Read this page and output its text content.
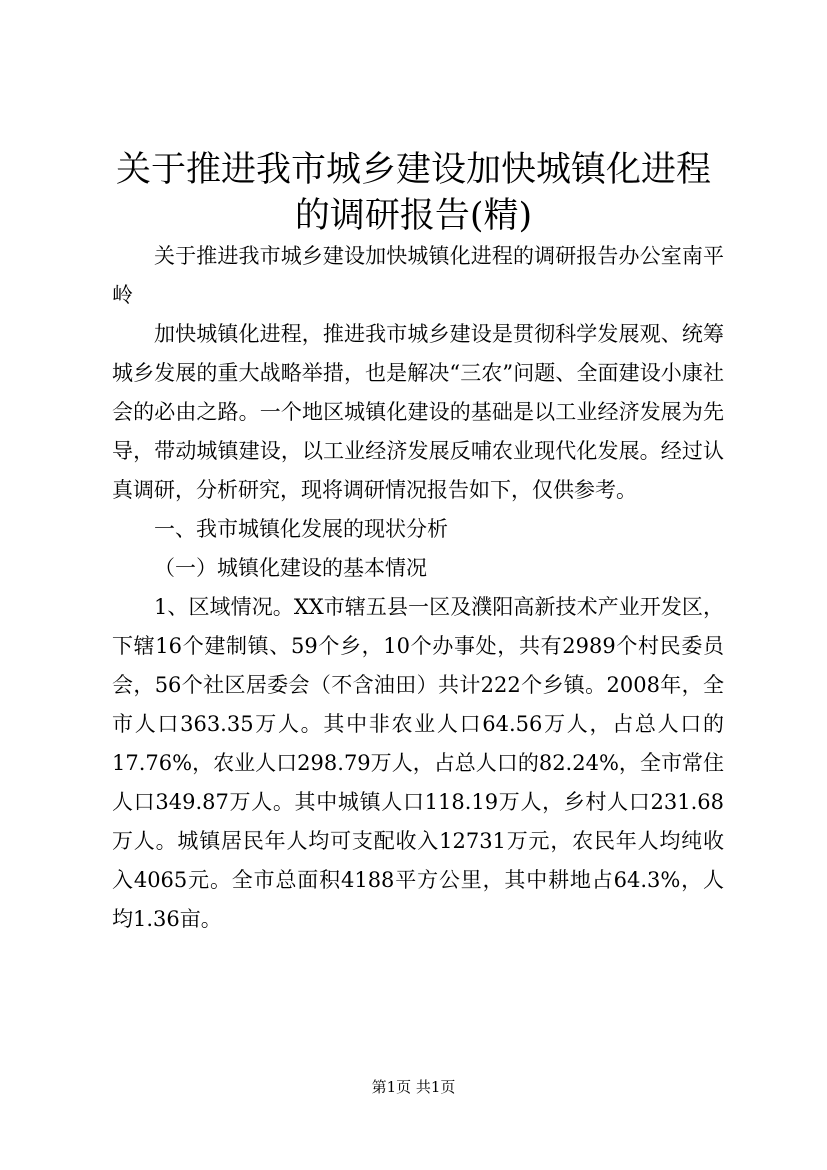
关于推进我市城乡建设加快城镇化进程的调研报告(精)

关于推进我市城乡建设加快城镇化进程的调研报告办公室南平岭

加快城镇化进程，推进我市城乡建设是贯彻科学发展观、统筹城乡发展的重大战略举措，也是解决“三农”问题、全面建设小康社会的必由之路。一个地区城镇化建设的基础是以工业经济发展为先导，带动城镇建设，以工业经济发展反哺农业现代化发展。经过认真调研，分析研究，现将调研情况报告如下，仅供参考。

一、我市城镇化发展的现状分析

（一）城镇化建设的基本情况

1、区域情况。XX市辖五县一区及濮阳高新技术产业开发区，下辖16个建制镇、59个乡，10个办事处，共有2989个村民委员会，56个社区居委会（不含油田）共计222个乡镇。2008年，全市人口363.35万人。其中非农业人口64.56万人，占总人口的17.76%，农业人口298.79万人，占总人口的82.24%，全市常住人口349.87万人。其中城镇人口118.19万人，乡村人口231.68万人。城镇居民年人均可支配收入12731万元，农民年人均纯收入4065元。全市总面积4188平方公里，其中耕地占64.3%，人均1.36亩。

第1页 共1页
